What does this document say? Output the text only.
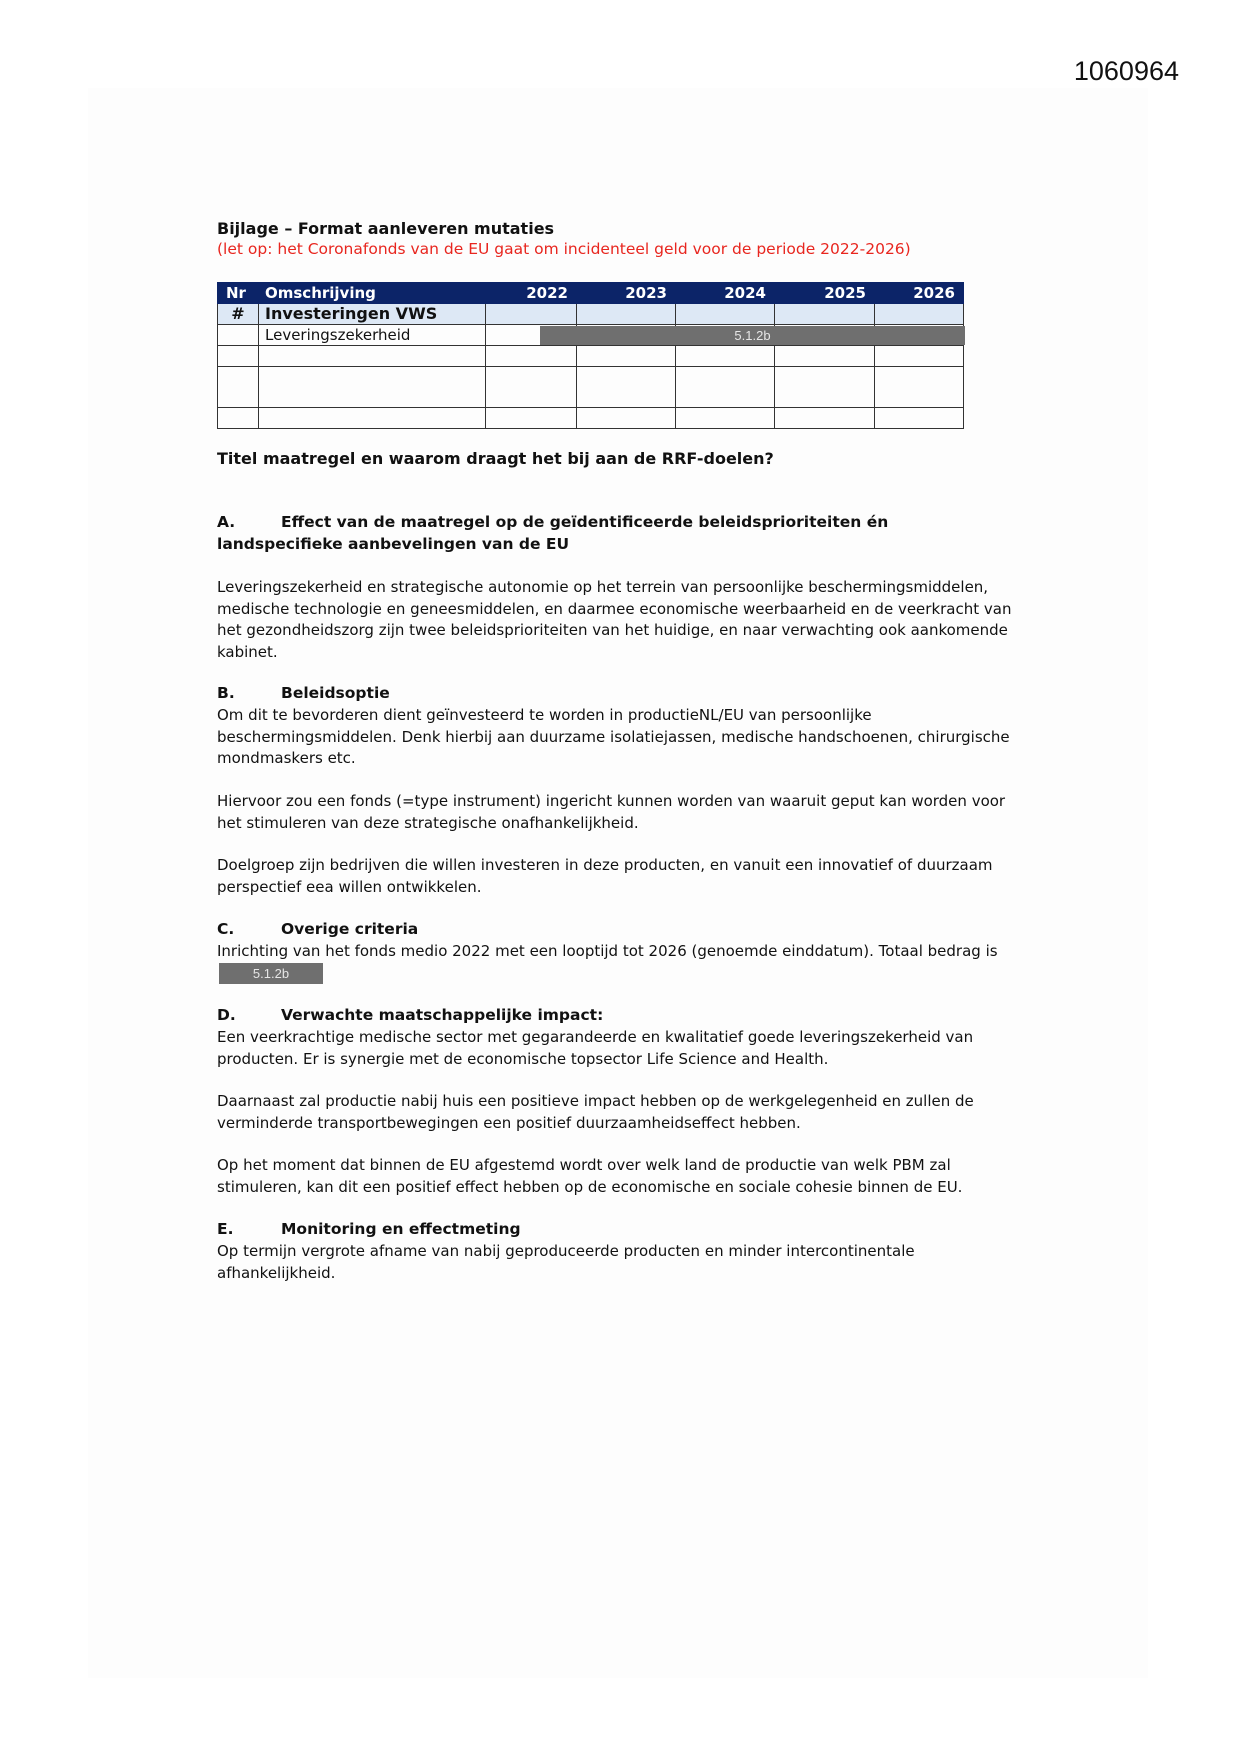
1060964
Bijlage – Format aanleveren mutaties
(let op: het Coronafonds van de EU gaat om incidenteel geld voor de periode 2022-2026)
Nr	Omschrijving	2022	2023	2024	2025	2026
#	Investeringen VWS					
	Leveringszekerheid					

							5.1.2b
Titel maatregel en waarom draagt het bij aan de RRF-doelen?
A.	Effect van de maatregel op de geïdentificeerde beleidsprioriteiten én
landspecifieke aanbevelingen van de EU
Leveringszekerheid en strategische autonomie op het terrein van persoonlijke beschermingsmiddelen, medische technologie en geneesmiddelen, en daarmee economische weerbaarheid en de veerkracht van het gezondheidszorg zijn twee beleidsprioriteiten van het huidige, en naar verwachting ook aankomende kabinet.
B.	Beleidsoptie
Om dit te bevorderen dient geïnvesteerd te worden in productieNL/EU van persoonlijke beschermingsmiddelen. Denk hierbij aan duurzame isolatiejassen, medische handschoenen, chirurgische mondmaskers etc.
Hiervoor zou een fonds (=type instrument) ingericht kunnen worden van waaruit geput kan worden voor het stimuleren van deze strategische onafhankelijkheid.
Doelgroep zijn bedrijven die willen investeren in deze producten, en vanuit een innovatief of duurzaam perspectief eea willen ontwikkelen.
C.	Overige criteria
Inrichting van het fonds medio 2022 met een looptijd tot 2026 (genoemde einddatum). Totaal bedrag is5.1.2b
D.	Verwachte maatschappelijke impact:
Een veerkrachtige medische sector met gegarandeerde en kwalitatief goede leveringszekerheid van producten. Er is synergie met de economische topsector Life Science and Health.
Daarnaast zal productie nabij huis een positieve impact hebben op de werkgelegenheid en zullen de verminderde transportbewegingen een positief duurzaamheidseffect hebben.
Op het moment dat binnen de EU afgestemd wordt over welk land de productie van welk PBM zal stimuleren, kan dit een positief effect hebben op de economische en sociale cohesie binnen de EU.
E.	Monitoring en effectmeting
Op termijn vergrote afname van nabij geproduceerde producten en minder intercontinentale afhankelijkheid.
